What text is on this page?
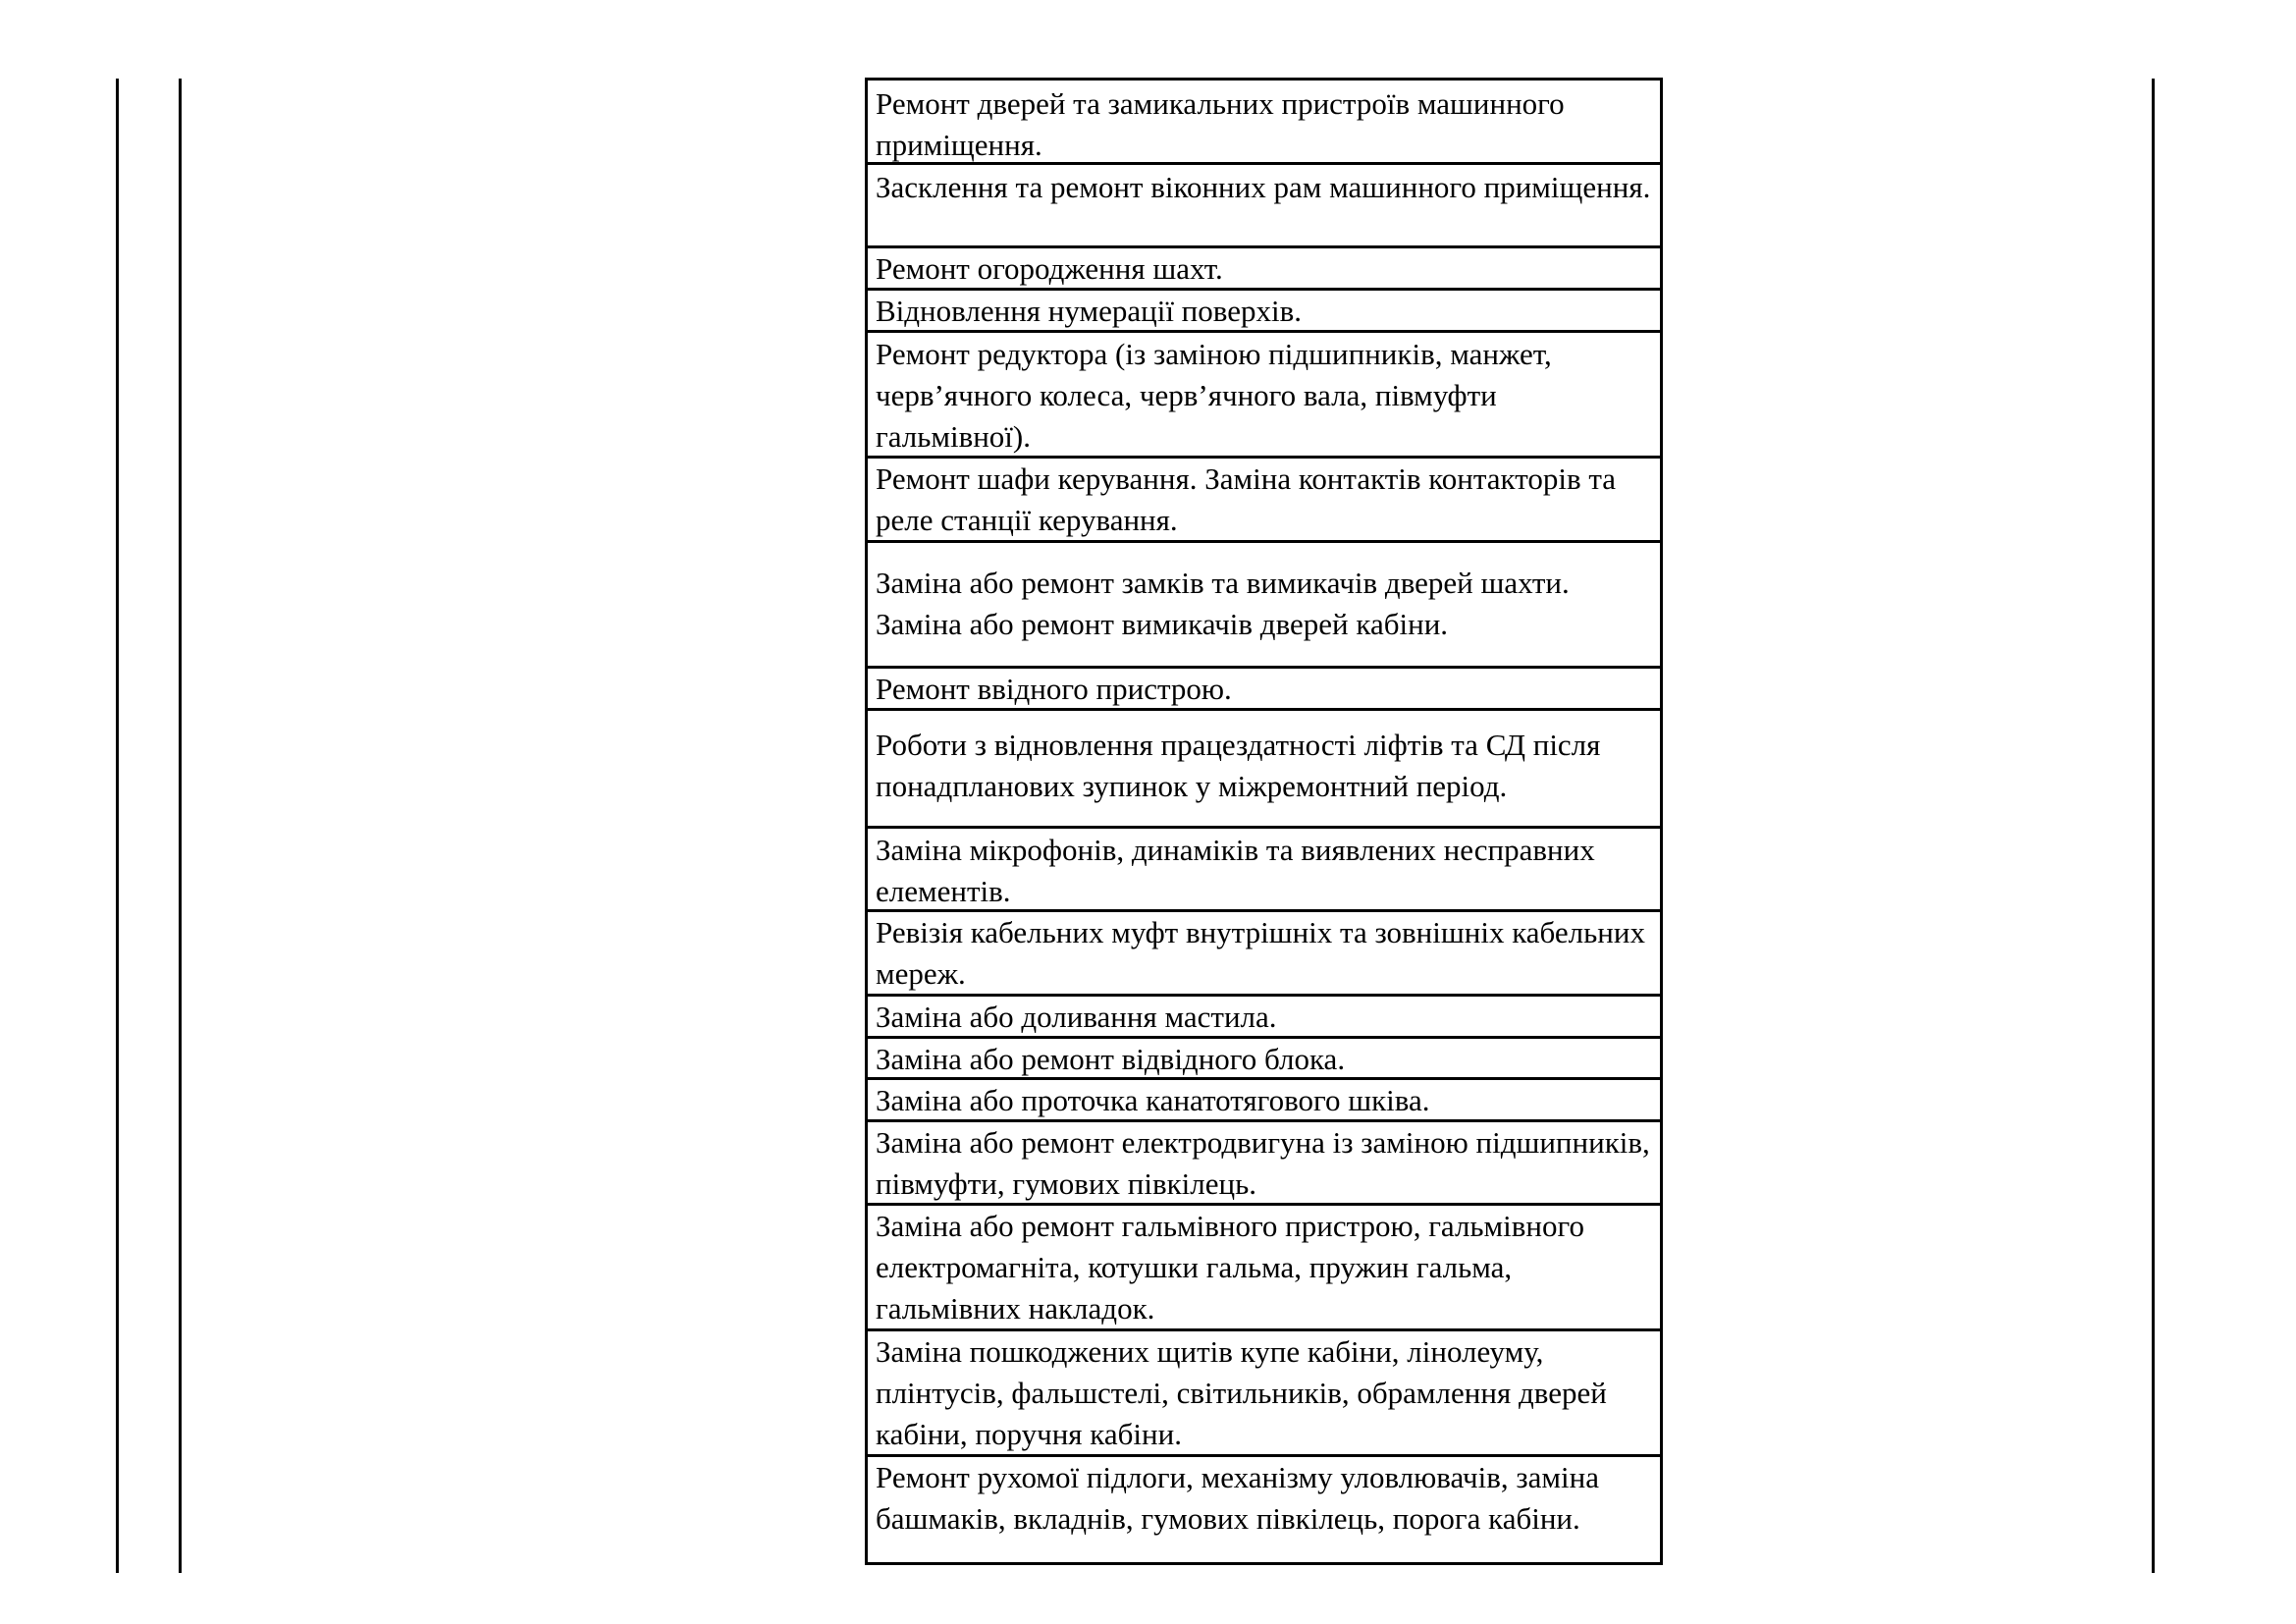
Ремонт дверей та замикальних пристроїв машинного приміщення.
Засклення та ремонт віконних рам машинного приміщення.
Ремонт огородження шахт.
Відновлення нумерації поверхів.
Ремонт редуктора (із заміною підшипників, манжет, черв’ячного колеса, черв’ячного вала, півмуфти гальмівної).
Ремонт шафи керування. Заміна контактів контакторів та реле станції керування.
Заміна або ремонт замків та вимикачів дверей шахти. Заміна або ремонт вимикачів дверей кабіни.
Ремонт ввідного пристрою.
Роботи з відновлення працездатності ліфтів та СД після понадпланових зупинок у міжремонтний період.
Заміна мікрофонів, динаміків та виявлених несправних елементів.
Ревізія кабельних муфт внутрішніх та зовнішніх кабельних мереж.
Заміна або доливання мастила.
Заміна або ремонт відвідного блока.
Заміна або проточка канатотягового шківа.
Заміна або ремонт електродвигуна із заміною підшипників, півмуфти, гумових півкілець.
Заміна або ремонт гальмівного пристрою, гальмівного електромагніта, котушки гальма, пружин гальма, гальмівних накладок.
Заміна пошкоджених щитів купе кабіни, лінолеуму, плінтусів, фальшстелі, світильників, обрамлення дверей кабіни, поручня кабіни.
Ремонт рухомої підлоги, механізму уловлювачів, заміна башмаків, вкладнів, гумових півкілець, порога кабіни.
